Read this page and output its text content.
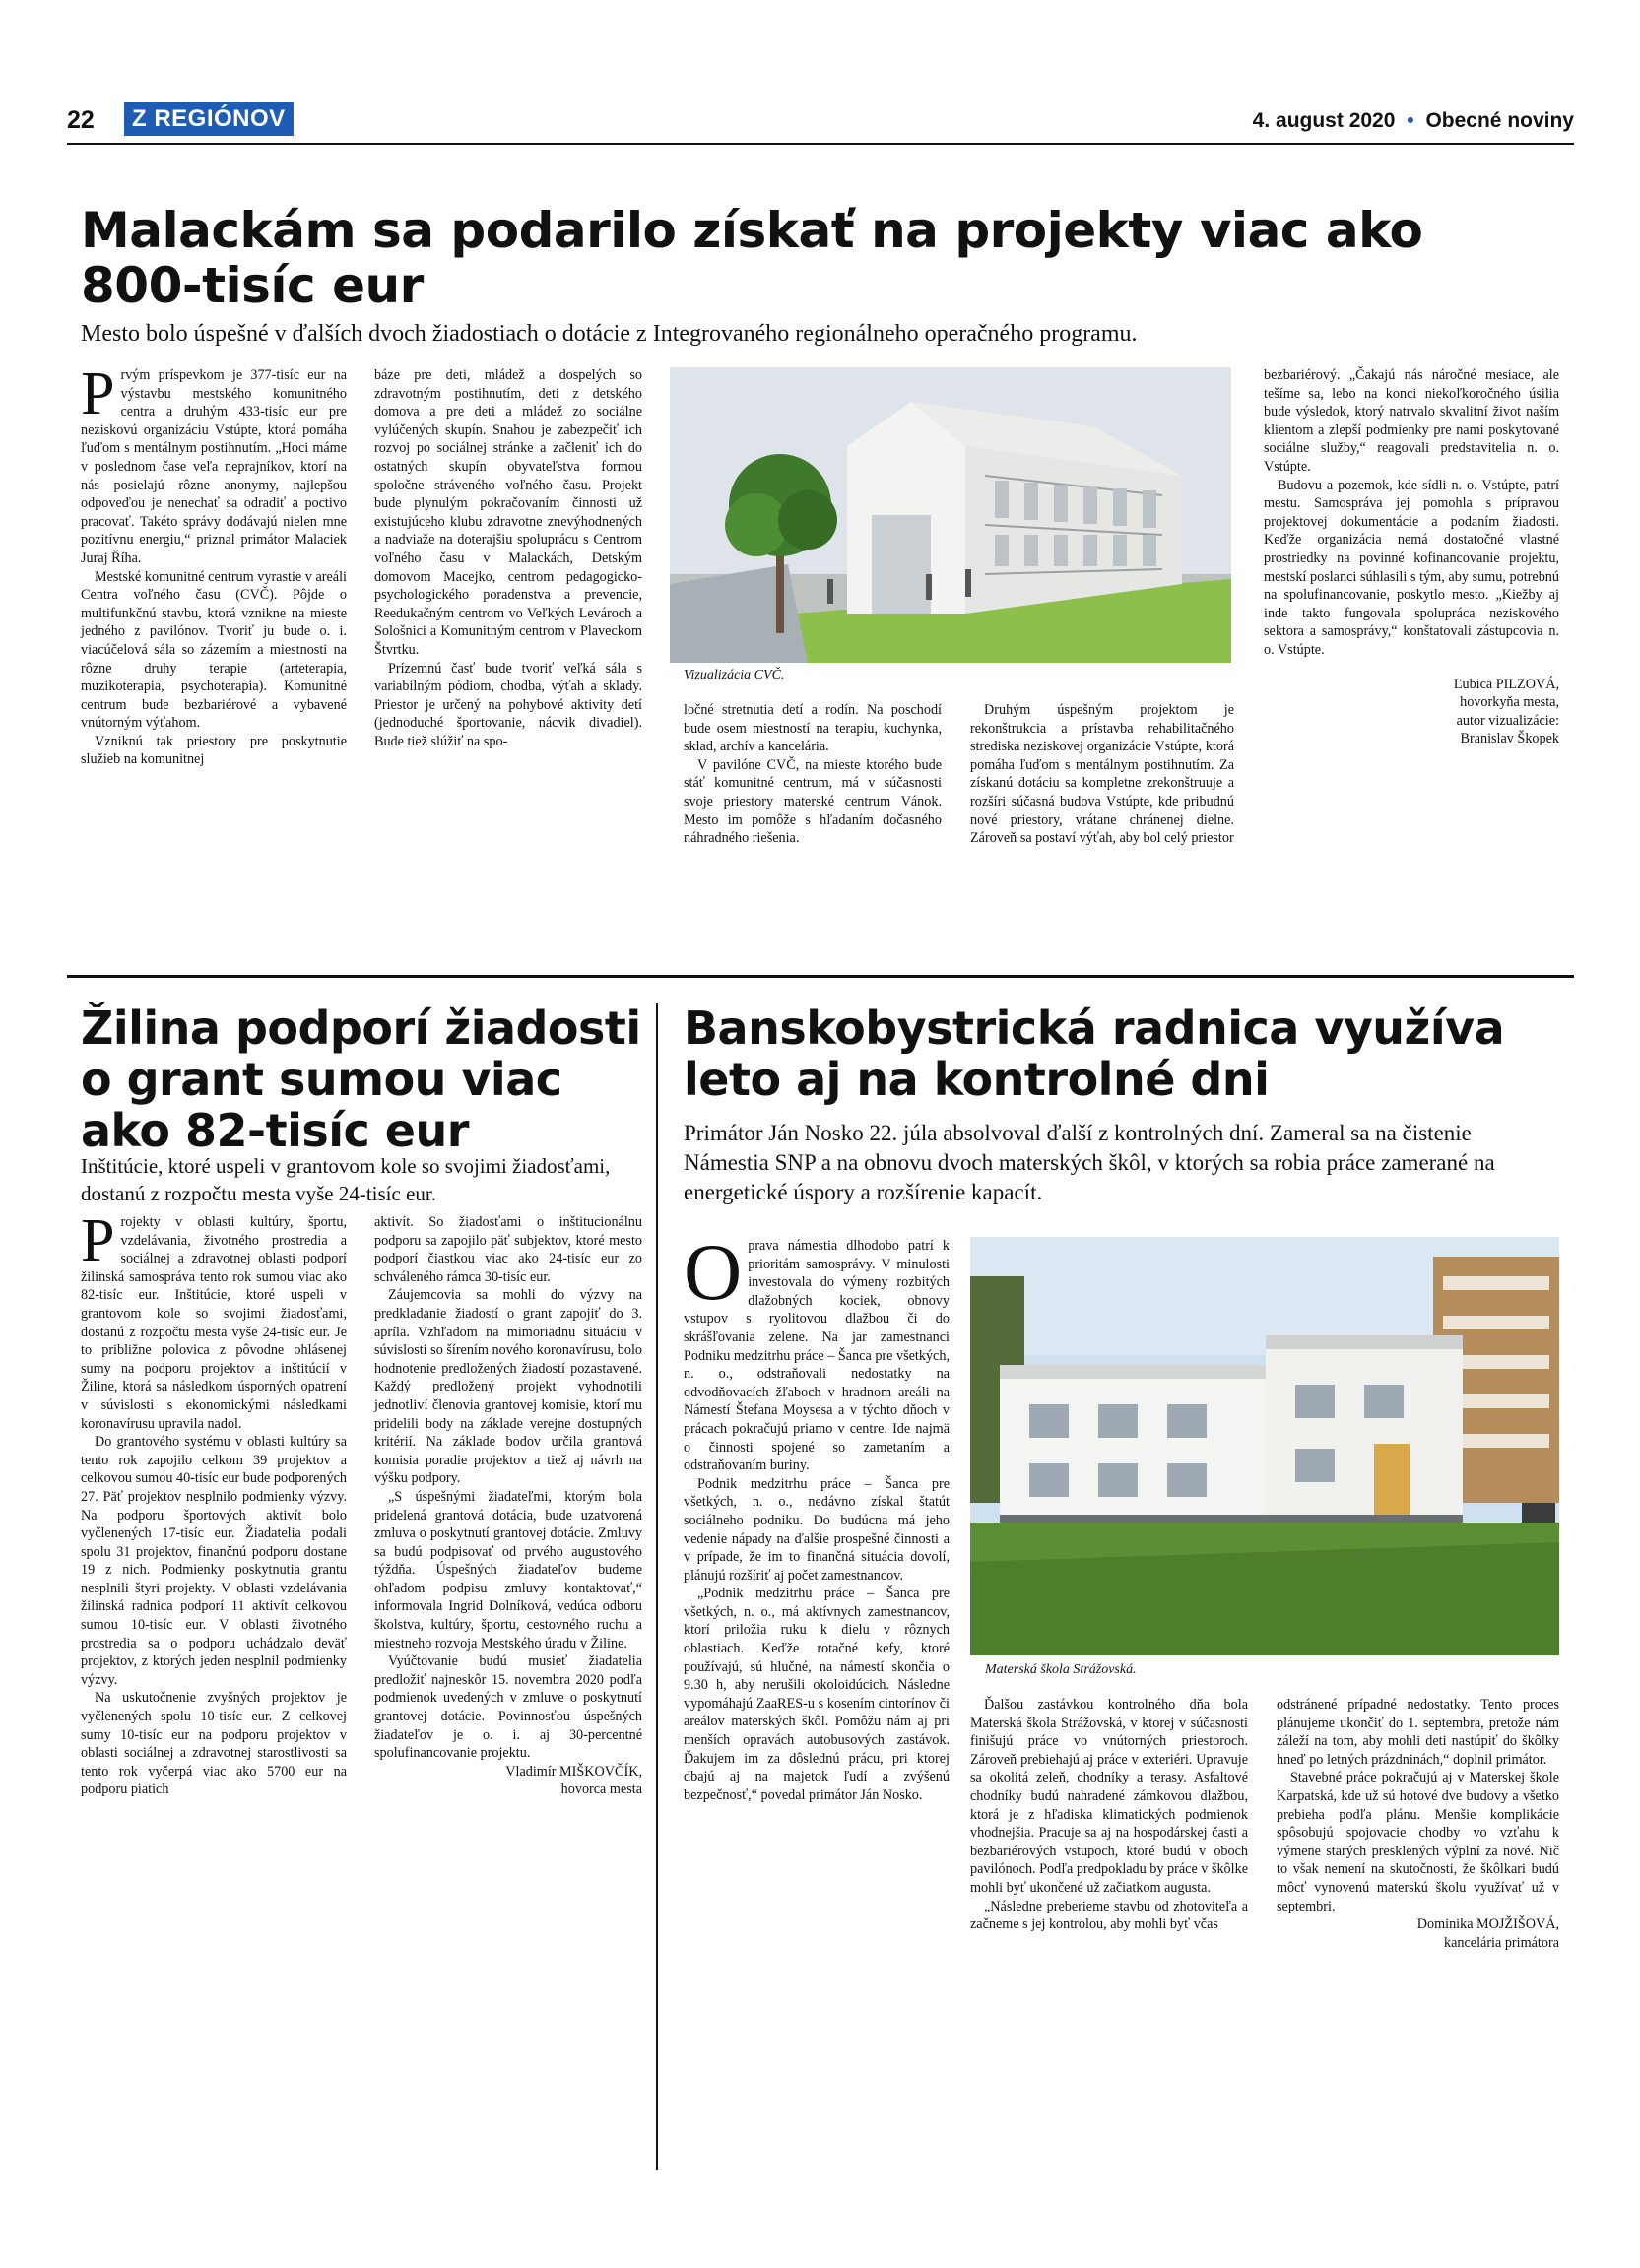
22	Z REGIÓNOV	4. august 2020 • Obecné noviny
Malackám sa podarilo získať na projekty viac ako 800-tisíc eur

Mesto bolo úspešné v ďalších dvoch žiadostiach o dotácie z Integrovaného regionálneho operačného programu.

Prvým príspevkom je 377-tisíc eur na výstavbu mestského komunitného centra a druhým 433-tisíc eur pre neziskovú organizáciu Vstúpte, ktorá pomáha ľuďom s mentálnym postihnutím. „Hoci máme v poslednom čase veľa neprajníkov, ktorí na nás posielajú rôzne anonymy, najlepšou odpoveďou je nenechať sa odradiť a poctivo pracovať. Takéto správy dodávajú nielen mne pozitívnu energiu,“ priznal primátor Malaciek Juraj Říha.

Mestské komunitné centrum vyrastie v areáli Centra voľného času (CVČ). Pôjde o multifunkčnú stavbu, ktorá vznikne na mieste jedného z pavilónov. Tvoriť ju bude o. i. viacúčelová sála so zázemím a miestnosti na rôzne druhy terapie (arteterapia, muzikoterapia, psychoterapia). Komunitné centrum bude bezbariérové a vybavené vnútorným výťahom.

Vzniknú tak priestory pre poskytnutie služieb na komunitnej

báze pre deti, mládež a dospelých so zdravotným postihnutím, deti z detského domova a pre deti a mládež zo sociálne vylúčených skupín. Snahou je zabezpečiť ich rozvoj po sociálnej stránke a začleniť ich do ostatných skupín obyvateľstva formou spoločne stráveného voľného času. Projekt bude plynulým pokračovaním činnosti už existujúceho klubu zdravotne znevýhodnených a nadviaže na doterajšiu spoluprácu s Centrom voľného času v Malackách, Detským domovom Macejko, centrom pedagogicko-psychologického poradenstva a prevencie, Reedukačným centrom vo Veľkých Levároch a Sološnici a Komunitným centrom v Plaveckom Štvrtku.

Prízemnú časť bude tvoriť veľká sála s variabilným pódiom, chodba, výťah a sklady. Priestor je určený na pohybové aktivity detí (jednoduché športovanie, nácvik divadiel). Bude tiež slúžiť na spo-

Vizualizácia CVČ.

ločné stretnutia detí a rodín. Na poschodí bude osem miestností na terapiu, kuchynka, sklad, archív a kancelária.

V pavilóne CVČ, na mieste ktorého bude stáť komunitné centrum, má v súčasnosti svoje priestory materské centrum Vánok. Mesto im pomôže s hľadaním dočasného náhradného riešenia.

Druhým úspešným projektom je rekonštrukcia a prístavba rehabilitačného strediska neziskovej organizácie Vstúpte, ktorá pomáha ľuďom s mentálnym postihnutím. Za získanú dotáciu sa kompletne zrekonštruuje a rozšíri súčasná budova Vstúpte, kde pribudnú nové priestory, vrátane chránenej dielne. Zároveň sa postaví výťah, aby bol celý priestor

bezbariérový. „Čakajú nás náročné mesiace, ale tešíme sa, lebo na konci niekoľkoročného úsilia bude výsledok, ktorý natrvalo skvalitní život naším klientom a zlepší podmienky pre nami poskytované sociálne služby,“ reagovali predstavitelia n. o. Vstúpte.

Budovu a pozemok, kde sídli n. o. Vstúpte, patrí mestu. Samospráva jej pomohla s prípravou projektovej dokumentácie a podaním žiadosti. Keďže organizácia nemá dostatočné vlastné prostriedky na povinné kofinancovanie projektu, mestskí poslanci súhlasili s tým, aby sumu, potrebnú na spolufinancovanie, poskytlo mesto. „Kiežby aj inde takto fungovala spolupráca neziskového sektora a samosprávy,“ konštatovali zástupcovia n. o. Vstúpte.

Ľubica PILZOVÁ,
hovorkyňa mesta,
autor vizualizácie:
Branislav Škopek
Žilina podporí žiadosti o grant sumou viac ako 82-tisíc eur

Inštitúcie, ktoré uspeli v grantovom kole so svojimi žiadosťami, dostanú z rozpočtu mesta vyše 24-tisíc eur.

Projekty v oblasti kultúry, športu, vzdelávania, životného prostredia a sociálnej a zdravotnej oblasti podporí žilinská samospráva tento rok sumou viac ako 82-tisíc eur. Inštitúcie, ktoré uspeli v grantovom kole so svojimi žiadosťami, dostanú z rozpočtu mesta vyše 24-tisíc eur. Je to približne polovica z pôvodne ohlásenej sumy na podporu projektov a inštitúcií v Žiline, ktorá sa následkom úsporných opatrení v súvislosti s ekonomickými následkami koronavírusu upravila nadol.

Do grantového systému v oblasti kultúry sa tento rok zapojilo celkom 39 projektov a celkovou sumou 40-tisíc eur bude podporených 27. Päť projektov nesplnilo podmienky výzvy. Na podporu športových aktivít bolo vyčlenených 17-tisíc eur. Žiadatelia podali spolu 31 projektov, finančnú podporu dostane 19 z nich. Podmienky poskytnutia grantu nesplnili štyri projekty. V oblasti vzdelávania žilinská radnica podporí 11 aktivít celkovou sumou 10-tisíc eur. V oblasti životného prostredia sa o podporu uchádzalo deväť projektov, z ktorých jeden nesplnil podmienky výzvy.

Na uskutočnenie zvyšných projektov je vyčlenených spolu 10-tisíc eur. Z celkovej sumy 10-tisíc eur na podporu projektov v oblasti sociálnej a zdravotnej starostlivosti sa tento rok vyčerpá viac ako 5700 eur na podporu piatich

aktivít. So žiadosťami o inštitucionálnu podporu sa zapojilo päť subjektov, ktoré mesto podporí čiastkou viac ako 24-tisíc eur zo schváleného rámca 30-tisíc eur.

Záujemcovia sa mohli do výzvy na predkladanie žiadostí o grant zapojiť do 3. apríla. Vzhľadom na mimoriadnu situáciu v súvislosti so šírením nového koronavírusu, bolo hodnotenie predložených žiadostí pozastavené. Každý predložený projekt vyhodnotili jednotliví členovia grantovej komisie, ktorí mu pridelili body na základe verejne dostupných kritérií. Na základe bodov určila grantová komisia poradie projektov a tiež aj návrh na výšku podpory.

„S úspešnými žiadateľmi, ktorým bola pridelená grantová dotácia, bude uzatvorená zmluva o poskytnutí grantovej dotácie. Zmluvy sa budú podpisovať od prvého augustového týždňa. Úspešných žiadateľov budeme ohľadom podpisu zmluvy kontaktovať,“ informovala Ingrid Dolníková, vedúca odboru školstva, kultúry, športu, cestovného ruchu a miestneho rozvoja Mestského úradu v Žiline.

Vyúčtovanie budú musieť žiadatelia predložiť najneskôr 15. novembra 2020 podľa podmienok uvedených v zmluve o poskytnutí grantovej dotácie. Povinnosťou úspešných žiadateľov je o. i. aj 30-percentné spolufinancovanie projektu.

Vladimír MIŠKOVČÍK,
hovorca mesta
Banskobystrická radnica využíva leto aj na kontrolné dni

Primátor Ján Nosko 22. júla absolvoval ďalší z kontrolných dní. Zameral sa na čistenie Námestia SNP a na obnovu dvoch materských škôl, v ktorých sa robia práce zamerané na energetické úspory a rozšírenie kapacít.

Oprava námestia dlhodobo patrí k prioritám samosprávy. V minulosti investovala do výmeny rozbitých dlažobných kociek, obnovy vstupov s ryolitovou dlažbou či do skrášľovania zelene. Na jar zamestnanci Podniku medzitrhu práce – Šanca pre všetkých, n. o., odstraňovali nedostatky na odvodňovacích žľaboch v hradnom areáli na Námestí Štefana Moysesa a v týchto dňoch v prácach pokračujú priamo v centre. Ide najmä o činnosti spojené so zametaním a odstraňovaním buriny.

Podnik medzitrhu práce – Šanca pre všetkých, n. o., nedávno získal štatút sociálneho podniku. Do budúcna má jeho vedenie nápady na ďalšie prospešné činnosti a v prípade, že im to finančná situácia dovolí, plánujú rozšíriť aj počet zamestnancov.

„Podnik medzitrhu práce – Šanca pre všetkých, n. o., má aktívnych zamestnancov, ktorí priložia ruku k dielu v rôznych oblastiach. Keďže rotačné kefy, ktoré používajú, sú hlučné, na námestí skončia o 9.30 h, aby nerušili okoloidúcich. Následne vypomáhajú ZaaRES-u s kosením cintorínov či areálov materských škôl. Pomôžu nám aj pri menších opravách autobusových zastávok. Ďakujem im za dôslednú prácu, pri ktorej dbajú aj na majetok ľudí a zvýšenú bezpečnosť,“ povedal primátor Ján Nosko.

Materská škola Strážovská.

Ďalšou zastávkou kontrolného dňa bola Materská škola Strážovská, v ktorej v súčasnosti finišujú práce vo vnútorných priestoroch. Zároveň prebiehajú aj práce v exteriéri. Upravuje sa okolitá zeleň, chodníky a terasy. Asfaltové chodníky budú nahradené zámkovou dlažbou, ktorá je z hľadiska klimatických podmienok vhodnejšia. Pracuje sa aj na hospodárskej časti a bezbariérových vstupoch, ktoré budú v oboch pavilónoch. Podľa predpokladu by práce v škôlke mohli byť ukončené už začiatkom augusta.

„Následne preberieme stavbu od zhotoviteľa a začneme s jej kontrolou, aby mohli byť včas

odstránené prípadné nedostatky. Tento proces plánujeme ukončiť do 1. septembra, pretože nám záleží na tom, aby mohli deti nastúpiť do škôlky hneď po letných prázdninách,“ doplnil primátor.

Stavebné práce pokračujú aj v Materskej škole Karpatská, kde už sú hotové dve budovy a všetko prebieha podľa plánu. Menšie komplikácie spôsobujú spojovacie chodby vo vzťahu k výmene starých presklených výplní za nové. Nič to však nemení na skutočnosti, že škôlkari budú môcť vynovenú materskú školu využívať už v septembri.

Dominika MOJŽIŠOVÁ,
kancelária primátora
